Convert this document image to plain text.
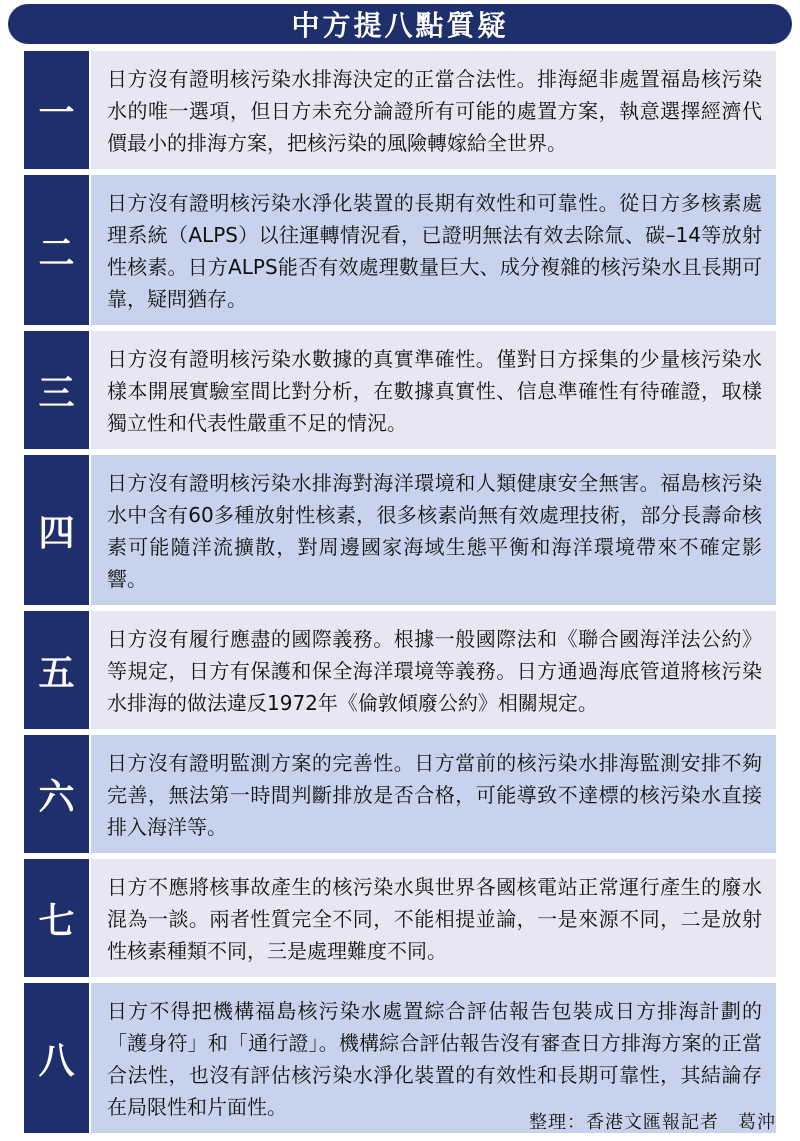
中方提八點質疑
一
日方沒有證明核污染水排海決定的正當合法性。排海絕非處置福島核污染水的唯一選項，但日方未充分論證所有可能的處置方案，執意選擇經濟代價最小的排海方案，把核污染的風險轉嫁給全世界。
二
日方沒有證明核污染水淨化裝置的長期有效性和可靠性。從日方多核素處理系統（ALPS）以往運轉情況看，已證明無法有效去除氚、碳–14等放射性核素。日方ALPS能否有效處理數量巨大、成分複雜的核污染水且長期可靠，疑問猶存。
三
日方沒有證明核污染水數據的真實準確性。僅對日方採集的少量核污染水樣本開展實驗室間比對分析，在數據真實性、信息準確性有待確證，取樣獨立性和代表性嚴重不足的情況。
四
日方沒有證明核污染水排海對海洋環境和人類健康安全無害。福島核污染水中含有60多種放射性核素，很多核素尚無有效處理技術，部分長壽命核素可能隨洋流擴散，對周邊國家海域生態平衡和海洋環境帶來不確定影響。
五
日方沒有履行應盡的國際義務。根據一般國際法和《聯合國海洋法公約》等規定，日方有保護和保全海洋環境等義務。日方通過海底管道將核污染水排海的做法違反1972年《倫敦傾廢公約》相關規定。
六
日方沒有證明監測方案的完善性。日方當前的核污染水排海監測安排不夠完善，無法第一時間判斷排放是否合格，可能導致不達標的核污染水直接排入海洋等。
七
日方不應將核事故產生的核污染水與世界各國核電站正常運行產生的廢水混為一談。兩者性質完全不同，不能相提並論，一是來源不同，二是放射性核素種類不同，三是處理難度不同。
八
日方不得把機構福島核污染水處置綜合評估報告包裝成日方排海計劃的「護身符」和「通行證」。機構綜合評估報告沒有審查日方排海方案的正當合法性，也沒有評估核污染水淨化裝置的有效性和長期可靠性，其結論存在局限性和片面性。
整理：香港文匯報記者　葛沖
